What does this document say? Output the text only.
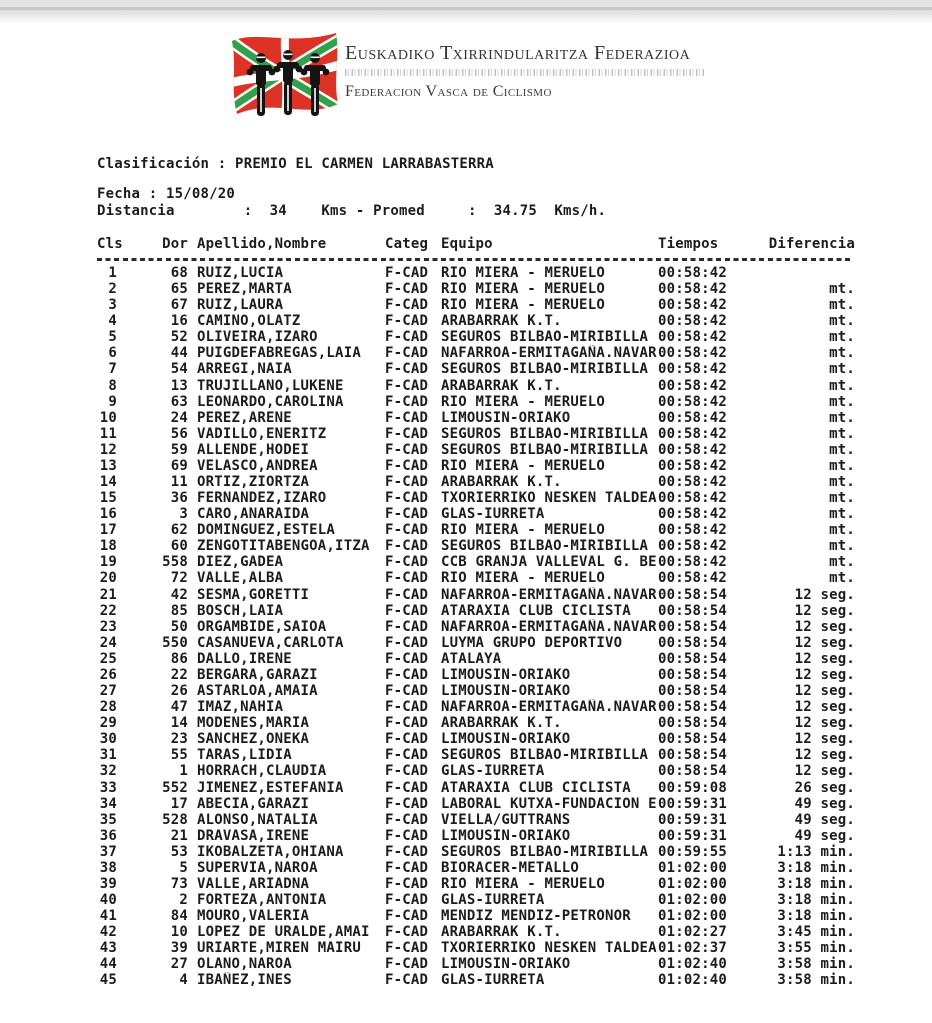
Euskadiko Txirrindularitza Federazioa
Federacion Vasca de Ciclismo
Clasificación : PREMIO EL CARMEN LARRABASTERRA
Fecha : 15/08/20
Distancia        :  34    Kms - Promed     :  34.75  Kms/h.
Cls	Dor Apellido,Nombre	Categ Equipo	Tiempos	Diferencia
1	68 RUIZ,LUCIA	F-CAD RIO MIERA - MERUELO	00:58:42
2	65 PEREZ,MARTA	F-CAD RIO MIERA - MERUELO	00:58:42	mt.
3	67 RUIZ,LAURA	F-CAD RIO MIERA - MERUELO	00:58:42	mt.
4	16 CAMINO,OLATZ	F-CAD ARABARRAK K.T.	00:58:42	mt.
5	52 OLIVEIRA,IZARO	F-CAD SEGUROS BILBAO-MIRIBILLA 00:58:42	mt.
6	44 PUIGDEFABREGAS,LAIA	F-CAD NAFARROA-ERMITAGAÑA.NAVAR 00:58:42	mt.
7	54 ARREGI,NAIA	F-CAD SEGUROS BILBAO-MIRIBILLA 00:58:42	mt.
8	13 TRUJILLANO,LUKENE	F-CAD ARABARRAK K.T.	00:58:42	mt.
9	63 LEONARDO,CAROLINA	F-CAD RIO MIERA - MERUELO	00:58:42	mt.
10	24 PEREZ,ARENE	F-CAD LIMOUSIN-ORIAKO	00:58:42	mt.
11	56 VADILLO,ENERITZ	F-CAD SEGUROS BILBAO-MIRIBILLA 00:58:42	mt.
12	59 ALLENDE,HODEI	F-CAD SEGUROS BILBAO-MIRIBILLA 00:58:42	mt.
13	69 VELASCO,ANDREA	F-CAD RIO MIERA - MERUELO	00:58:42	mt.
14	11 ORTIZ,ZIORTZA	F-CAD ARABARRAK K.T.	00:58:42	mt.
15	36 FERNANDEZ,IZARO	F-CAD TXORIERRIKO NESKEN TALDEA 00:58:42	mt.
16	3 CARO,ANARAIDA	F-CAD GLAS-IURRETA	00:58:42	mt.
17	62 DOMINGUEZ,ESTELA	F-CAD RIO MIERA - MERUELO	00:58:42	mt.
18	60 ZENGOTITABENGOA,ITZA	F-CAD SEGUROS BILBAO-MIRIBILLA 00:58:42	mt.
19	558 DIEZ,GADEA	F-CAD CCB GRANJA VALLEVAL G. BE 00:58:42	mt.
20	72 VALLE,ALBA	F-CAD RIO MIERA - MERUELO	00:58:42	mt.
21	42 SESMA,GORETTI	F-CAD NAFARROA-ERMITAGAÑA.NAVAR 00:58:54	12 seg.
22	85 BOSCH,LAIA	F-CAD ATARAXIA CLUB CICLISTA	00:58:54	12 seg.
23	50 ORGAMBIDE,SAIOA	F-CAD NAFARROA-ERMITAGAÑA.NAVAR 00:58:54	12 seg.
24	550 CASANUEVA,CARLOTA	F-CAD LUYMA GRUPO DEPORTIVO	00:58:54	12 seg.
25	86 DALLO,IRENE	F-CAD ATALAYA	00:58:54	12 seg.
26	22 BERGARA,GARAZI	F-CAD LIMOUSIN-ORIAKO	00:58:54	12 seg.
27	26 ASTARLOA,AMAIA	F-CAD LIMOUSIN-ORIAKO	00:58:54	12 seg.
28	47 IMAZ,NAHIA	F-CAD NAFARROA-ERMITAGAÑA.NAVAR 00:58:54	12 seg.
29	14 MODENES,MARIA	F-CAD ARABARRAK K.T.	00:58:54	12 seg.
30	23 SANCHEZ,ONEKA	F-CAD LIMOUSIN-ORIAKO	00:58:54	12 seg.
31	55 TARAS,LIDIA	F-CAD SEGUROS BILBAO-MIRIBILLA 00:58:54	12 seg.
32	1 HORRACH,CLAUDIA	F-CAD GLAS-IURRETA	00:58:54	12 seg.
33	552 JIMENEZ,ESTEFANIA	F-CAD ATARAXIA CLUB CICLISTA	00:59:08	26 seg.
34	17 ABECIA,GARAZI	F-CAD LABORAL KUTXA-FUNDACION E 00:59:31	49 seg.
35	528 ALONSO,NATALIA	F-CAD VIELLA/GUTTRANS	00:59:31	49 seg.
36	21 DRAVASA,IRENE	F-CAD LIMOUSIN-ORIAKO	00:59:31	49 seg.
37	53 IKOBALZETA,OHIANA	F-CAD SEGUROS BILBAO-MIRIBILLA 00:59:55	1:13 min.
38	5 SUPERVIA,NAROA	F-CAD BIORACER-METALLO	01:02:00	3:18 min.
39	73 VALLE,ARIADNA	F-CAD RIO MIERA - MERUELO	01:02:00	3:18 min.
40	2 FORTEZA,ANTONIA	F-CAD GLAS-IURRETA	01:02:00	3:18 min.
41	84 MOURO,VALERIA	F-CAD MENDIZ MENDIZ-PETRONOR	01:02:00	3:18 min.
42	10 LOPEZ DE URALDE,AMAI	F-CAD ARABARRAK K.T.	01:02:27	3:45 min.
43	39 URIARTE,MIREN MAIRU	F-CAD TXORIERRIKO NESKEN TALDEA 01:02:37	3:55 min.
44	27 OLANO,NAROA	F-CAD LIMOUSIN-ORIAKO	01:02:40	3:58 min.
45	4 IBAÑEZ,INES	F-CAD GLAS-IURRETA	01:02:40	3:58 min.
